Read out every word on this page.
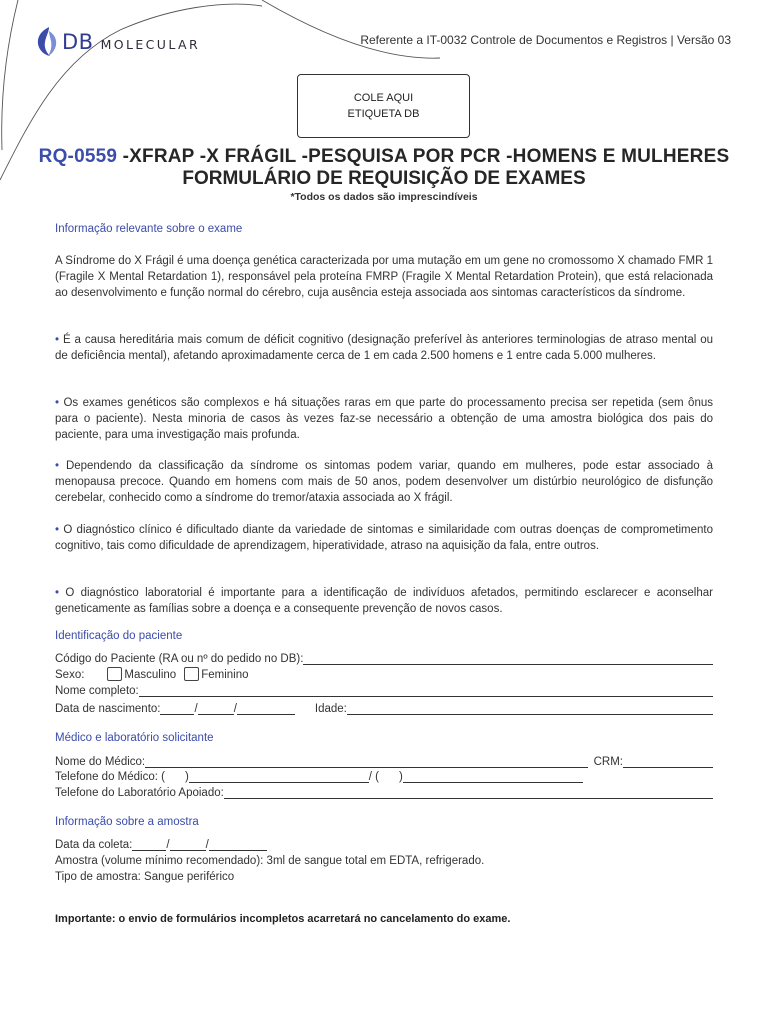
DB MOLECULAR	Referente a IT-0032 Controle de Documentos e Registros | Versão 03
COLE AQUI
ETIQUETA DB
RQ-0559 -XFRAP -X FRÁGIL -PESQUISA POR PCR -HOMENS E MULHERES
FORMULÁRIO DE REQUISIÇÃO DE EXAMES
*Todos os dados são imprescindíveis
Informação relevante sobre o exame
A Síndrome do X Frágil é uma doença genética caracterizada por uma mutação em um gene no cromossomo X chamado FMR 1 (Fragile X Mental Retardation 1), responsável pela proteína FMRP (Fragile X Mental Retardation Protein), que está relacionada ao desenvolvimento e função normal do cérebro, cuja ausência esteja associada aos sintomas característicos da síndrome.
• É a causa hereditária mais comum de déficit cognitivo (designação preferível às anteriores terminologias de atraso mental ou de deficiência mental), afetando aproximadamente cerca de 1 em cada 2.500 homens e 1 entre cada 5.000 mulheres.
• Os exames genéticos são complexos e há situações raras em que parte do processamento precisa ser repetida (sem ônus para o paciente). Nesta minoria de casos às vezes faz-se necessário a obtenção de uma amostra biológica dos pais do paciente, para uma investigação mais profunda.
• Dependendo da classificação da síndrome os sintomas podem variar, quando em mulheres, pode estar associado à menopausa precoce. Quando em homens com mais de 50 anos, podem desenvolver um distúrbio neurológico de disfunção cerebelar, conhecido como a síndrome do tremor/ataxia associada ao X frágil.
• O diagnóstico clínico é dificultado diante da variedade de sintomas e similaridade com outras doenças de comprometimento cognitivo, tais como dificuldade de aprendizagem, hiperatividade, atraso na aquisição da fala, entre outros.
• O diagnóstico laboratorial é importante para a identificação de indivíduos afetados, permitindo esclarecer e aconselhar geneticamente as famílias sobre a doença e a consequente prevenção de novos casos.
Identificação do paciente
Código do Paciente (RA ou nº do pedido no DB):
Sexo:	Masculino Feminino
Nome completo:
Data de nascimento:	/	/	Idade:
Médico e laboratório solicitante
Nome do Médico:	CRM:
Telefone do Médico: ( )	/ ( )
Telefone do Laboratório Apoiado:
Informação sobre a amostra
Data da coleta:	/	/
Amostra (volume mínimo recomendado): 3ml de sangue total em EDTA, refrigerado.
Tipo de amostra: Sangue periférico
Importante: o envio de formulários incompletos acarretará no cancelamento do exame.
